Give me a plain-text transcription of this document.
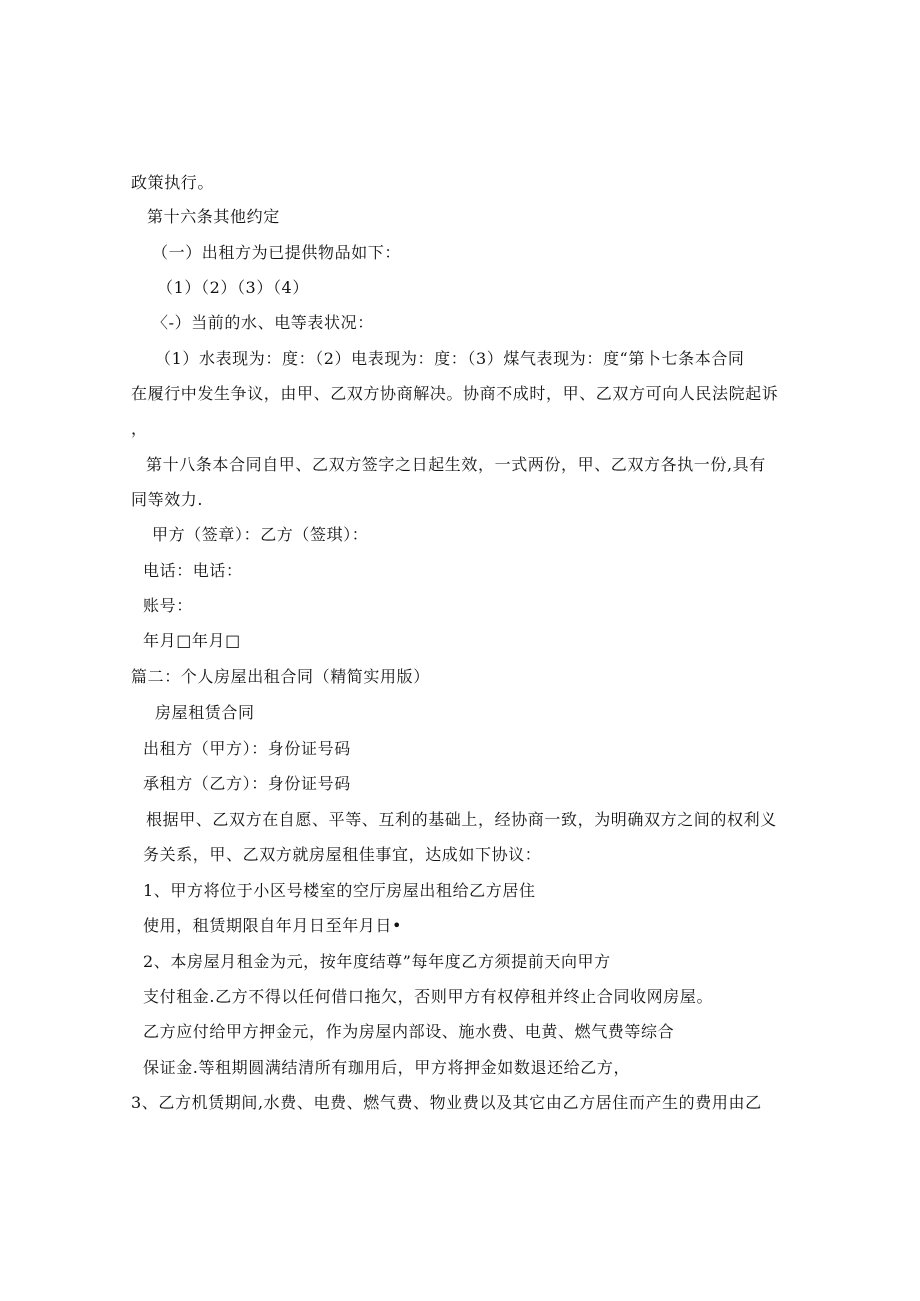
政策执行。
第十六条其他约定
（一）出租方为已提供物品如下：
（1）（2）（3）（4）
〈-）当前的水、电等表状况：
（1）水表现为：度：（2）电表现为：度：（3）煤气表现为：度“第卜七条本合同
在履行中发生争议，由甲、乙双方协商解决。协商不成时，甲、乙双方可向人民法院起诉
，
第十八条本合同自甲、乙双方签字之日起生效，一式两份，甲、乙双方各执一份,具有
同等效力.
甲方（签章）：乙方（签琪）：
电话：电话：
账号：
年月□年月□
篇二：个人房屋出租合同（精简实用版）
房屋租赁合同
出租方（甲方）：身份证号码
承租方（乙方）：身份证号码
根据甲、乙双方在自愿、平等、互利的基础上，经协商一致，为明确双方之间的权利义
务关系，甲、乙双方就房屋租佳事宜，达成如下协议：
1、甲方将位于小区号楼室的空厅房屋出租给乙方居住
使用，租赁期限自年月日至年月日•
2、本房屋月租金为元，按年度结尊”每年度乙方须提前天向甲方
支付租金.乙方不得以任何借口拖欠，否则甲方有权停租并终止合同收网房屋。
乙方应付给甲方押金元，作为房屋内部设、施水费、电黄、燃气费等综合
保证金.等租期圆满结清所有珈用后，甲方将押金如数退还给乙方，
3、乙方机赁期间,水费、电费、燃气费、物业费以及其它由乙方居住而产生的费用由乙
